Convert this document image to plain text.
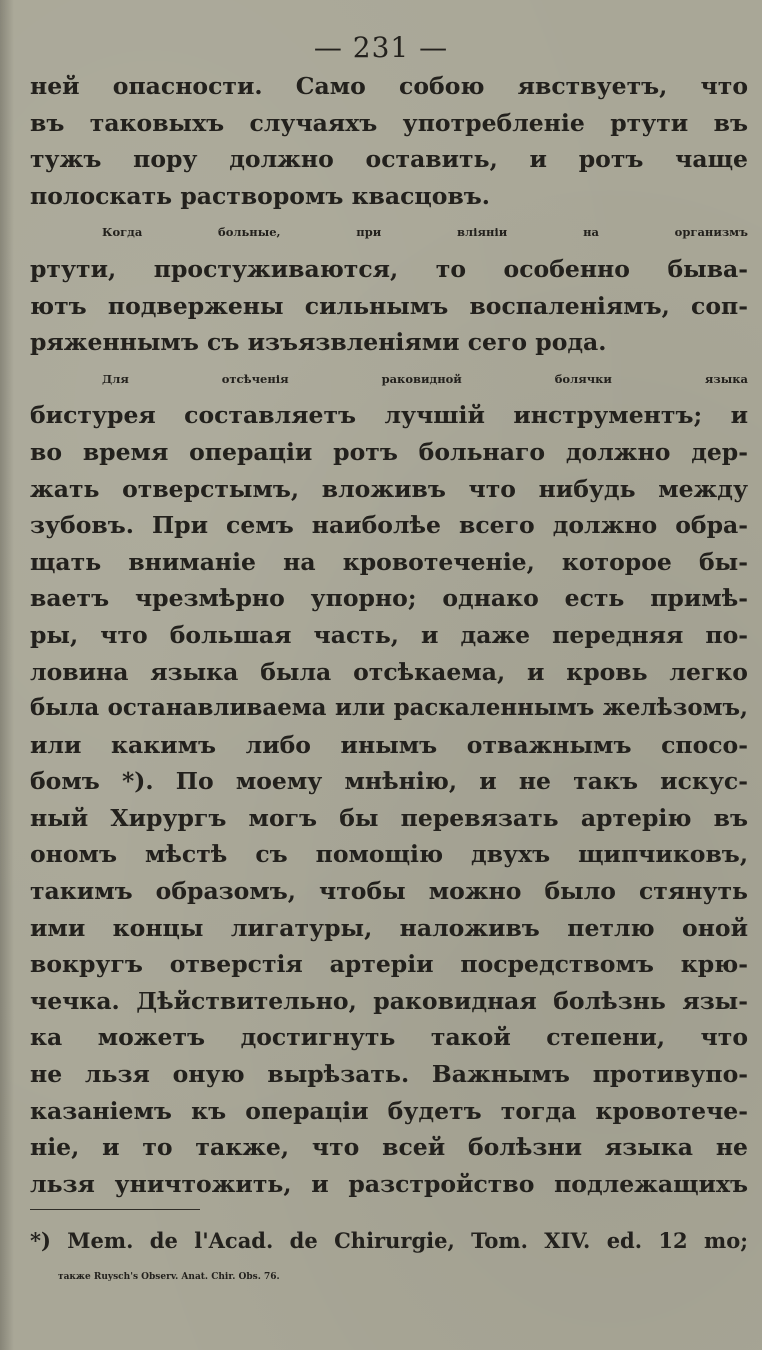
— 231 —
ней опасности. Само собою явствуетъ, что
въ таковыхъ случаяхъ употребленіе ртути въ
тужъ пору должно оставить, и ротъ чаще
полоскать растворомъ квасцовъ.
Когда больные, при вліяніи на организмъ
ртути, простуживаются, то особенно быва-
ютъ подвержены сильнымъ воспаленіямъ, соп-
ряженнымъ съ изъязвленіями сего рода.
Для отсѣченія раковидной болячки языка
бистурея составляетъ лучшій инструментъ; и
во время операціи ротъ больнаго должно дер-
жать отверстымъ, вложивъ что нибудь между
зубовъ. При семъ наиболѣе всего должно обра-
щать вниманіе на кровотеченіе, которое бы-
ваетъ чрезмѣрно упорно; однако есть примѣ-
ры, что большая часть, и даже передняя по-
ловина языка была отсѣкаема, и кровь легко
была останавливаема или раскаленнымъ желѣзомъ,
или какимъ либо инымъ отважнымъ спосо-
бомъ *). По моему мнѣнію, и не такъ искус-
ный Хирургъ могъ бы перевязать артерію въ
ономъ мѣстѣ съ помощію двухъ щипчиковъ,
такимъ образомъ, чтобы можно было стянуть
ими концы лигатуры, наложивъ петлю оной
вокругъ отверстія артеріи посредствомъ крю-
чечка. Дѣйствительно, раковидная болѣзнь язы-
ка можетъ достигнуть такой степени, что
не льзя оную вырѣзать. Важнымъ противупо-
казаніемъ къ операціи будетъ тогда кровотече-
ніе, и то также, что всей болѣзни языка не
льзя уничтожить, и разстройство подлежащихъ
*) Mem. de l'Acad. de Chirurgie, Tom. XIV. ed. 12 mo;
также Ruysch's Observ. Anat. Chir. Obs. 76.
